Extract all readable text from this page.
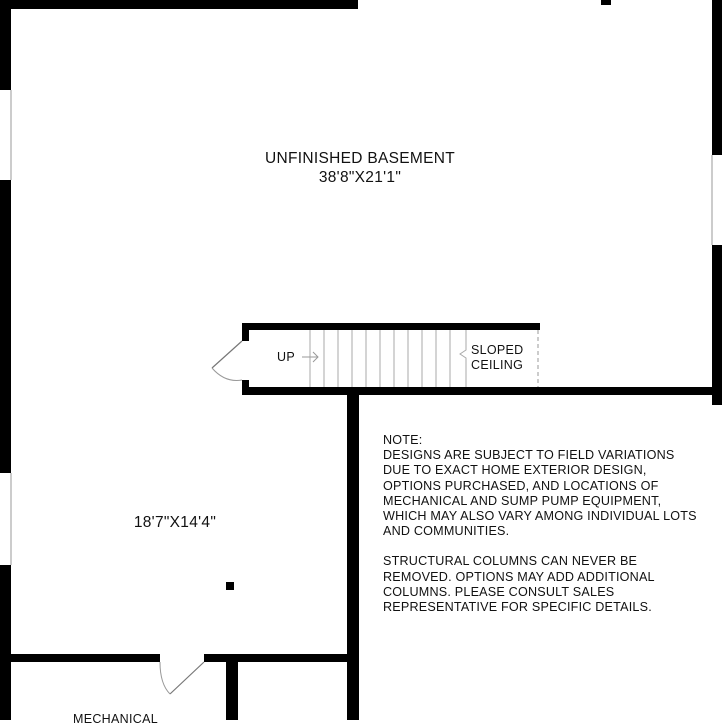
UNFINISHED BASEMENT
38'8"X21'1"
18'7"X14'4"
UP	SLOPED
CEILING

NOTE:

DESIGNS ARE SUBJECT TO FIELD VARIATIONS DUE TO EXACT HOME EXTERIOR DESIGN, OPTIONS PURCHASED, AND LOCATIONS OF MECHANICAL AND SUMP PUMP EQUIPMENT, WHICH MAY ALSO VARY AMONG INDIVIDUAL LOTS AND COMMUNITIES.

STRUCTURAL COLUMNS CAN NEVER BE REMOVED. OPTIONS MAY ADD ADDITIONAL COLUMNS. PLEASE CONSULT SALES REPRESENTATIVE FOR SPECIFIC DETAILS.

MECHANICAL
